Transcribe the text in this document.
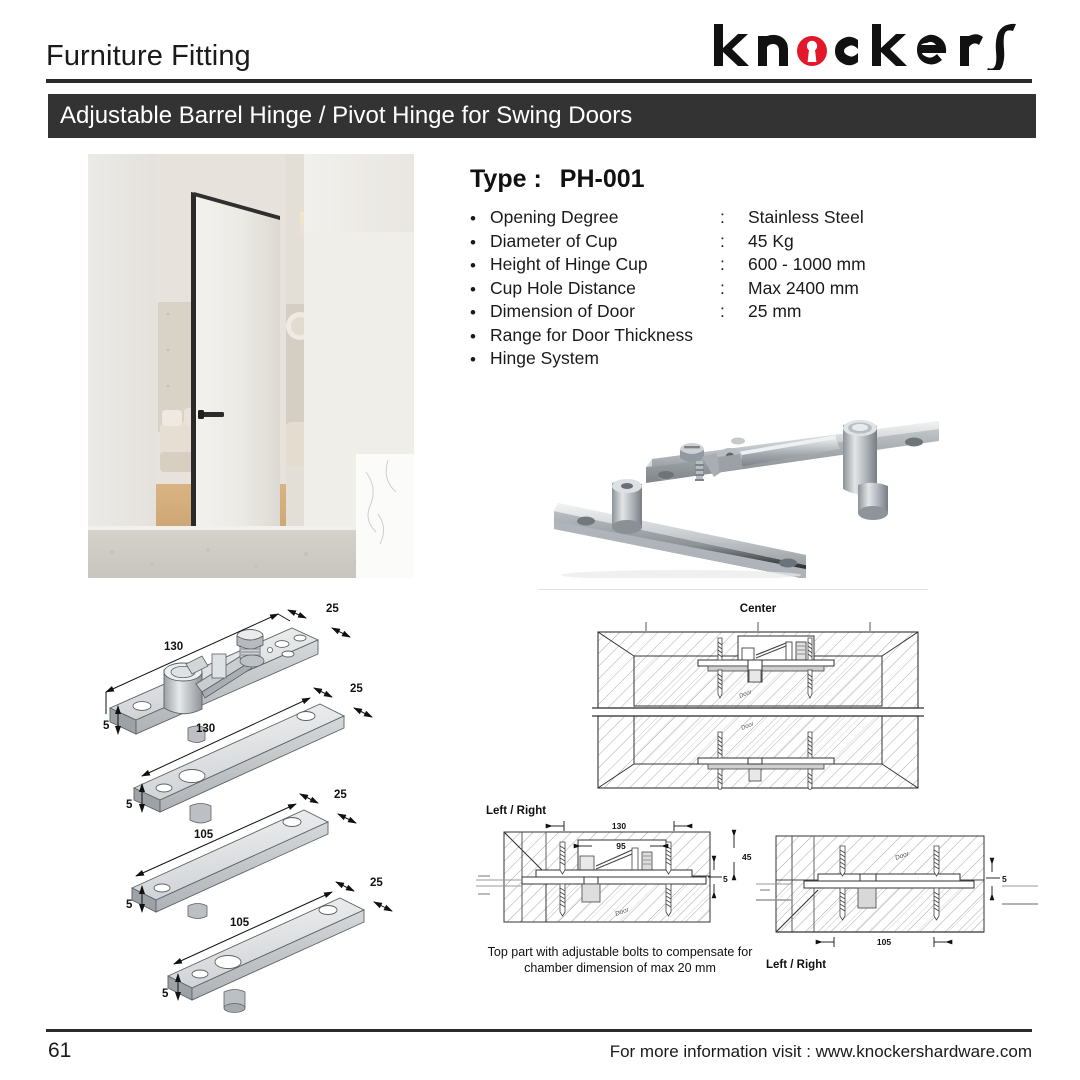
Furniture Fitting
Adjustable Barrel Hinge / Pivot Hinge for Swing Doors
Type : PH-001
• Opening Degree	: Stainless Steel
• Diameter of Cup	: 45 Kg
• Height of Hinge Cup	: 600 - 1000 mm
• Cup Hole Distance	: Max 2400 mm
• Dimension of Door	: 25 mm
• Range for Door Thickness
• Hinge System
130
25
5	130
25
5
105
25
5
105
25
5
Center
Door
Door
Left / Right
Door
130
95
45
5
Top part with adjustable bolts to compensate for
chamber dimension of max 20 mm
Door
105
5
Left / Right
61	For more information visit : www.knockershardware.com
